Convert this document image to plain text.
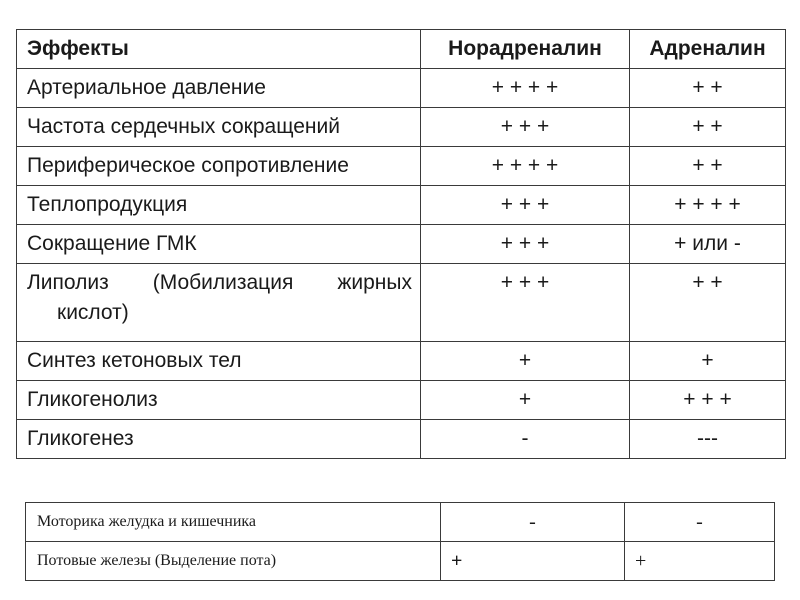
Эффекты	Норадреналин	Адреналин
Артериальное давление	+ + + +	+ +
Частота сердечных сокращений	+ + +	+ +
Периферическое сопротивление	+ + + +	+ +
Теплопродукция	+ + +	+ + + +
Сокращение ГМК	+ + +	+ или -

Липолиз (Мобилизация жирных
кислот)	+ + +	+ +
Синтез кетоновых тел	+	+
Гликогенолиз	+	+ + +
Гликогенез	-	---
Моторика желудка и кишечника	-	-
Потовые железы (Выделение пота)	+	+
